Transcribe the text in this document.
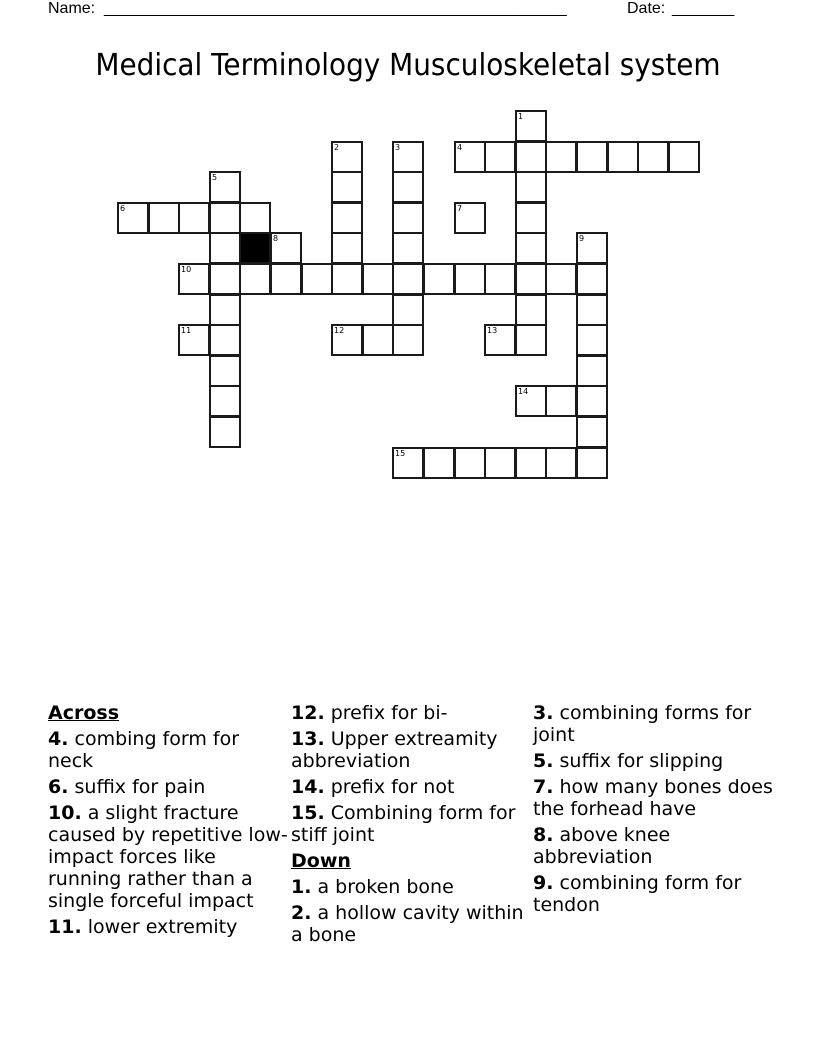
Name: ____________________________________________________	Date: _______
Medical Terminology Musculoskeletal system
1
2	3	4
5
6	7
8	9
10
11	12	13
14
15
Across
4. combing form for neck
6. suffix for pain
10. a slight fracture caused by repetitive low-impact forces like running rather than a single forceful impact
11. lower extremity
12. prefix for bi-
13. Upper extreamity abbreviation
14. prefix for not
15. Combining form for stiff joint
Down
1. a broken bone
2. a hollow cavity within a bone
3. combining forms for joint
5. suffix for slipping
7. how many bones does the forhead have
8. above knee abbreviation
9. combining form for tendon
